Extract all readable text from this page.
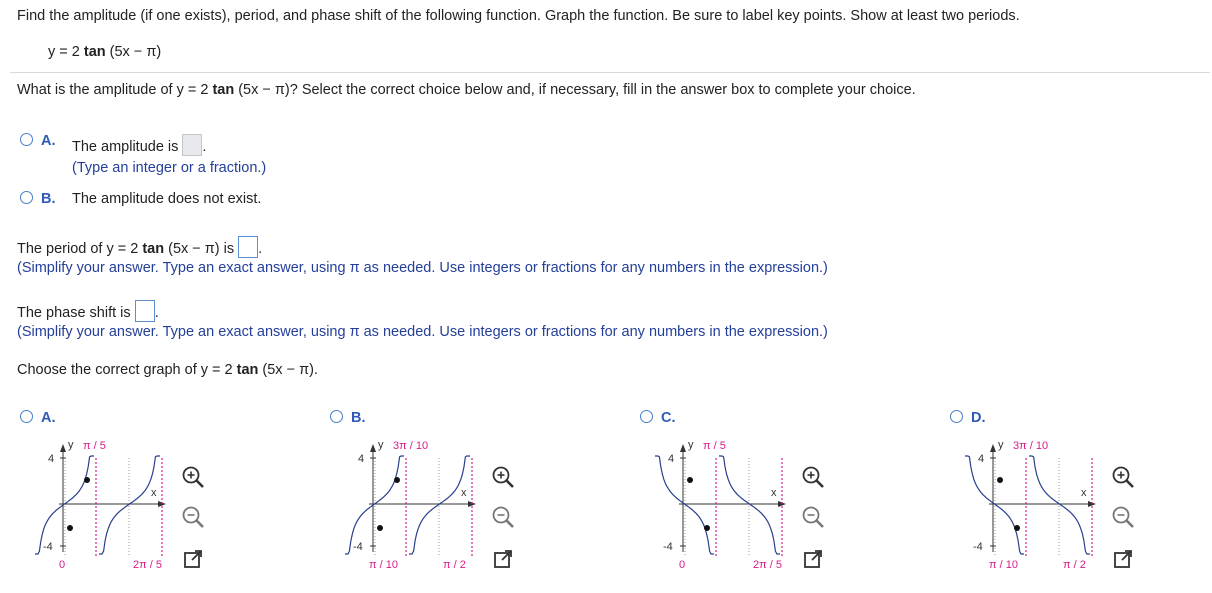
Find the amplitude (if one exists), period, and phase shift of the following function. Graph the function. Be sure to label key points. Show at least two periods.
y = 2 tan (5x − π)
What is the amplitude of y = 2 tan (5x − π)? Select the correct choice below and, if necessary, fill in the answer box to complete your choice.
A. The amplitude is .
(Type an integer or a fraction.)
B. The amplitude does not exist.
The period of y = 2 tan (5x − π) is .
(Simplify your answer. Type an exact answer, using π as needed. Use integers or fractions for any numbers in the expression.)
The phase shift is .
(Simplify your answer. Type an exact answer, using π as needed. Use integers or fractions for any numbers in the expression.)
Choose the correct graph of y = 2 tan (5x − π).
A.
4
-4
y
x
π / 5
0	2π / 5
B.
4
-4
y
x
3π / 10
π / 10	π / 2
C.
4
-4
y
x
π / 5
0	2π / 5
D.
4
-4
y
x
3π / 10
π / 10	π / 2
